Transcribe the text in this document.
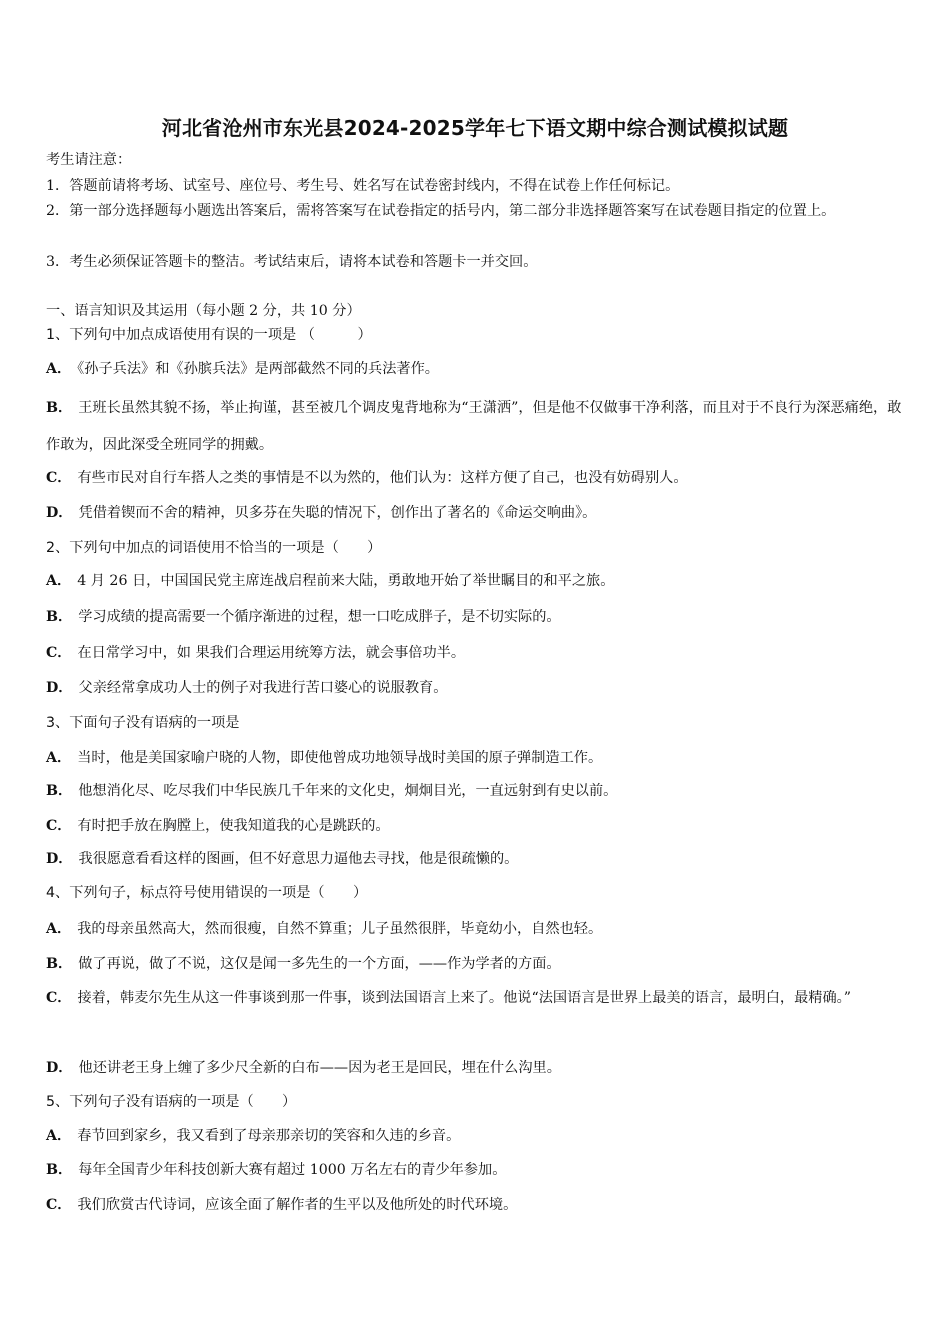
河北省沧州市东光县2024-2025学年七下语文期中综合测试模拟试题
考生请注意：
1．答题前请将考场、试室号、座位号、考生号、姓名写在试卷密封线内，不得在试卷上作任何标记。
2．第一部分选择题每小题选出答案后，需将答案写在试卷指定的括号内，第二部分非选择题答案写在试卷题目指定的位置上。
3．考生必须保证答题卡的整洁。考试结束后，请将本试卷和答题卡一并交回。
一、语言知识及其运用（每小题 2 分，共 10 分）
1、下列句中加点成语使用有误的一项是 （　　　）
A． 《孙子兵法》和《孙膑兵法》是两部截然不同的兵法著作。
B． 王班长虽然其貌不扬，举止拘谨，甚至被几个调皮鬼背地称为“王潇洒”，但是他不仅做事干净利落，而且对于不良行为深恶痛绝，敢作敢为，因此深受全班同学的拥戴。
C． 有些市民对自行车搭人之类的事情是不以为然的，他们认为：这样方便了自己，也没有妨碍别人。
D． 凭借着锲而不舍的精神，贝多芬在失聪的情况下，创作出了著名的《命运交响曲》。
2、下列句中加点的词语使用不恰当的一项是（　　）
A． 4 月 26 日，中国国民党主席连战启程前来大陆，勇敢地开始了举世瞩目的和平之旅。
B． 学习成绩的提高需要一个循序渐进的过程，想一口吃成胖子，是不切实际的。
C． 在日常学习中，如 果我们合理运用统筹方法，就会事倍功半。
D． 父亲经常拿成功人士的例子对我进行苦口婆心的说服教育。
3、下面句子没有语病的一项是
A． 当时，他是美国家喻户晓的人物，即使他曾成功地领导战时美国的原子弹制造工作。
B． 他想消化尽、吃尽我们中华民族几千年来的文化史，炯炯目光，一直远射到有史以前。
C． 有时把手放在胸膛上，使我知道我的心是跳跃的。
D． 我很愿意看看这样的图画，但不好意思力逼他去寻找，他是很疏懒的。
4、下列句子，标点符号使用错误的一项是（　　）
A． 我的母亲虽然高大，然而很瘦，自然不算重；儿子虽然很胖，毕竟幼小，自然也轻。
B． 做了再说，做了不说，这仅是闻一多先生的一个方面，——作为学者的方面。
C． 接着，韩麦尔先生从这一件事谈到那一件事，谈到法国语言上来了。他说“法国语言是世界上最美的语言，最明白，最精确。”
D． 他还讲老王身上缠了多少尺全新的白布——因为老王是回民，埋在什么沟里。
5、下列句子没有语病的一项是（　　）
A． 春节回到家乡，我又看到了母亲那亲切的笑容和久违的乡音。
B． 每年全国青少年科技创新大赛有超过 1000 万名左右的青少年参加。
C． 我们欣赏古代诗词，应该全面了解作者的生平以及他所处的时代环境。
